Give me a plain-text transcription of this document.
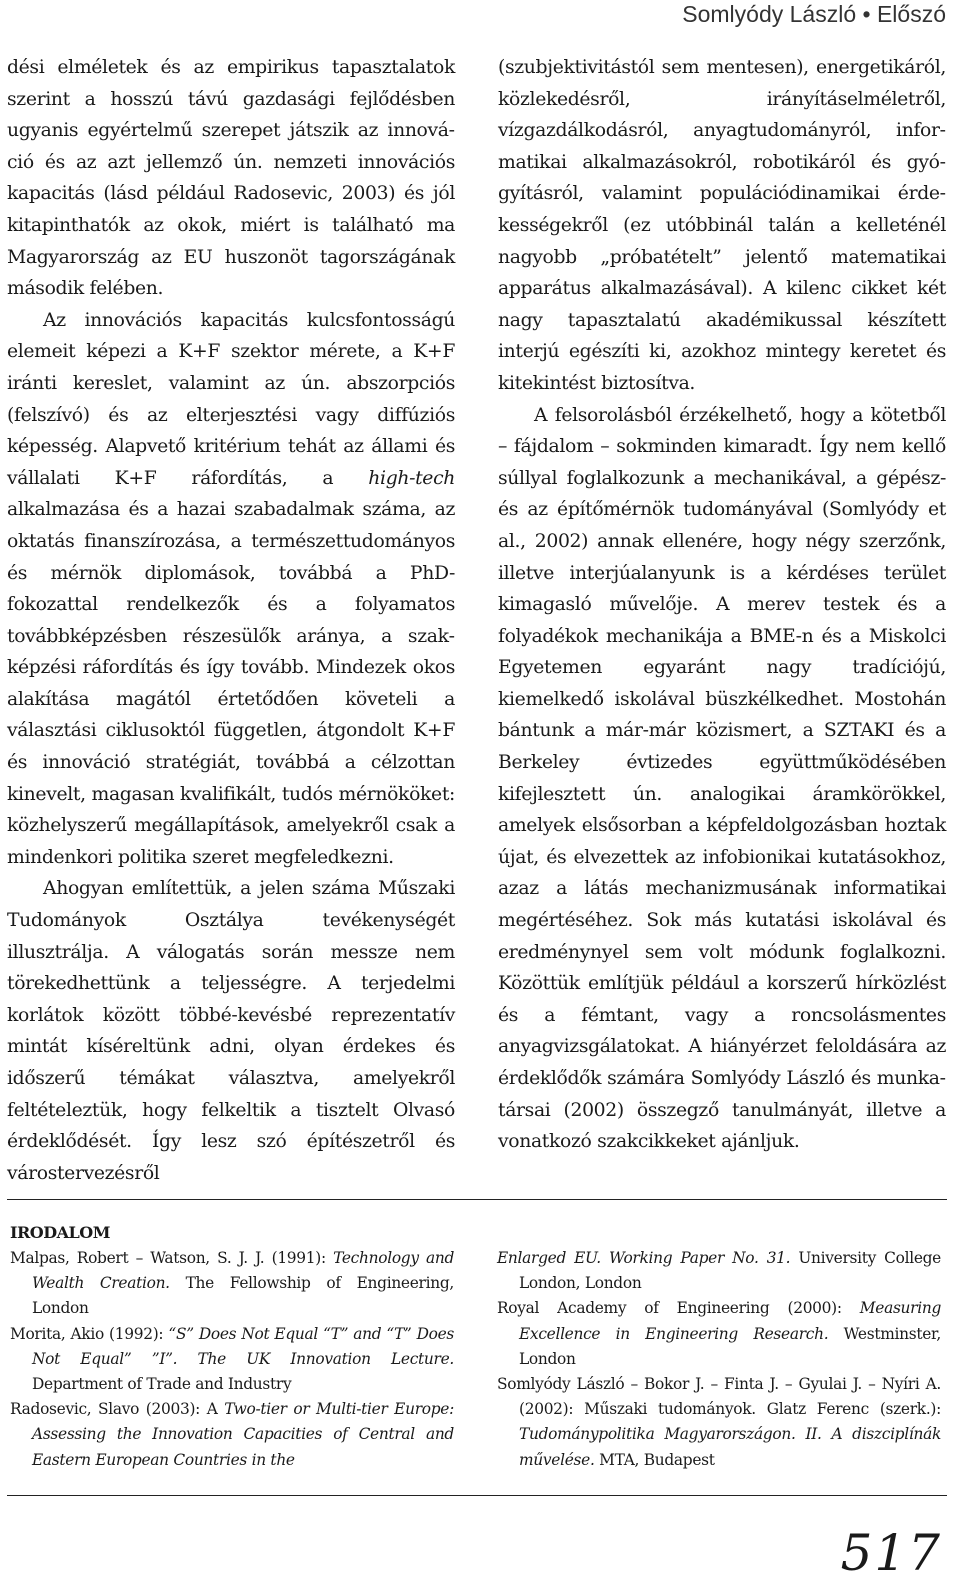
Somlyódy László • Előszó

dési elméletek és az empirikus tapasztalatok szerint a hosszú távú gazdasági fejlődésben ugyanis egyértelmű szerepet játszik az innováció és az azt jellemző ún. nemzeti innovációs kapacitás (lásd például Radosevic, 2003) és jól kitapinthatók az okok, miért is található ma Magyarország az EU huszonöt tagországának második felében.

Az innovációs kapacitás kulcsfontosságú elemeit képezi a K+F szektor mérete, a K+F iránti kereslet, valamint az ún. abszorpciós (felszívó) és az elterjesztési vagy diffúziós képesség. Alapvető kritérium tehát az állami és vállalati K+F ráfordítás, a high-tech alkalmazása és a hazai szabadalmak száma, az oktatás finanszírozása, a természettudományos és mérnök diplomások, továbbá a PhD-fokozattal rendelkezők és a folyamatos továbbképzésben részesülők aránya, a szakképzési ráfordítás és így tovább. Mindezek okos alakítása magától értetődően követeli a választási ciklusoktól független, átgondolt K+F és innováció stratégiát, továbbá a célzottan kinevelt, magasan kvalifikált, tudós mérnököket: közhelyszerű megállapítások, amelyekről csak a mindenkori politika szeret megfeledkezni.

Ahogyan említettük, a jelen száma Műszaki Tudományok Osztálya tevékenységét illusztrálja. A válogatás során messze nem törekedhettünk a teljességre. A terjedelmi korlátok között többé-kevésbé reprezentatív mintát kíséreltünk adni, olyan érdekes és időszerű témákat választva, amelyekről feltételeztük, hogy felkeltik a tisztelt Olvasó érdeklődését. Így lesz szó építészetről és várostervezésről

(szubjektivitástól sem mentesen), energetikáról, közlekedésről, irányításelméletről, vízgazdálkodásról, anyagtudományról, informatikai alkalmazásokról, robotikáról és gyógyításról, valamint populációdinamikai érdekességekről (ez utóbbinál talán a kelleténél nagyobb „próbatételt” jelentő matematikai apparátus alkalmazásával). A kilenc cikket két nagy tapasztalatú akadémikussal készített interjú egészíti ki, azokhoz mintegy keretet és kitekintést biztosítva.

A felsorolásból érzékelhető, hogy a kötetből – fájdalom – sokminden kimaradt. Így nem kellő súllyal foglalkozunk a mechanikával, a gépész- és az építőmérnök tudományával (Somlyódy et al., 2002) annak ellenére, hogy négy szerzőnk, illetve interjúalanyunk is a kérdéses terület kimagasló művelője. A merev testek és a folyadékok mechanikája a BME-n és a Miskolci Egyetemen egyaránt nagy tradíciójú, kiemelkedő iskolával büszkélkedhet. Mostohán bántunk a már-már közismert, a SZTAKI és a Berkeley évtizedes együttműködésében kifejlesztett ún. analogikai áramkörökkel, amelyek elsősorban a képfeldolgozásban hoztak újat, és elvezettek az infobionikai kutatásokhoz, azaz a látás mechanizmusának informatikai megértéséhez. Sok más kutatási iskolával és eredménynyel sem volt módunk foglalkozni. Közöttük említjük például a korszerű hírközlést és a fémtant, vagy a roncsolásmentes anyagvizsgálatokat. A hiányérzet feloldására az érdeklődők számára Somlyódy László és munkatársai (2002) összegző tanulmányát, illetve a vonatkozó szakcikkeket ajánljuk.

IRODALOM
Malpas, Robert – Watson, S. J. J. (1991): Technology and Wealth Creation. The Fellowship of Engineering, London
Morita, Akio (1992): “S” Does Not Equal “T” and “T” Does Not Equal” ”I”. The UK Innovation Lecture. Department of Trade and Industry
Radosevic, Slavo (2003): A Two-tier or Multi-tier Europe: Assessing the Innovation Capacities of Central and Eastern European Countries in the
Enlarged EU. Working Paper No. 31. University College London, London
Royal Academy of Engineering (2000): Measuring Excellence in Engineering Research. Westminster, London
Somlyódy László – Bokor J. – Finta J. – Gyulai J. – Nyíri A. (2002): Műszaki tudományok. Glatz Ferenc (szerk.): Tudománypolitika Magyarországon. II. A diszciplínák művelése. MTA, Budapest
517
